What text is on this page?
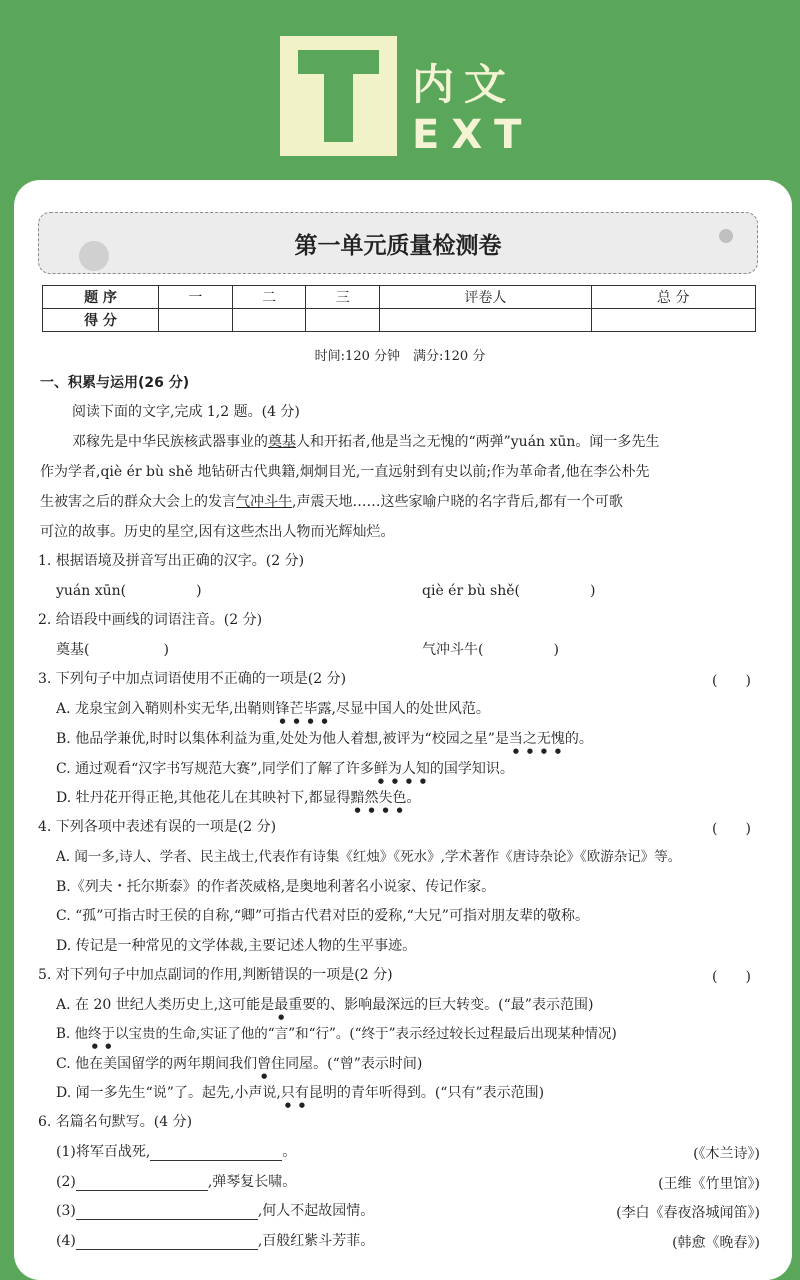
内文
EXT
第一单元质量检测卷
题 序	一	二	三	评卷人	总 分
得 分					
时间:120 分钟　满分:120 分
一、积累与运用(26 分)
阅读下面的文字,完成 1,2 题。(4 分)
邓稼先是中华民族核武器事业的奠基人和开拓者,他是当之无愧的“两弹”yuán xūn。闻一多先生
作为学者,qiè ér bù shě 地钻研古代典籍,炯炯目光,一直远射到有史以前;作为革命者,他在李公朴先
生被害之后的群众大会上的发言气冲斗牛,声震天地……这些家喻户晓的名字背后,都有一个可歌
可泣的故事。历史的星空,因有这些杰出人物而光辉灿烂。
1. 根据语境及拼音写出正确的汉字。(2 分)
yuán xūn(	)	qiè ér bù shě(	)
2. 给语段中画线的词语注音。(2 分)
奠基(	)	气冲斗牛(	)
3. 下列句子中加点词语使用不正确的一项是(2 分)	(　　)
A. 龙泉宝剑入鞘则朴实无华,出鞘则锋芒毕露,尽显中国人的处世风范。
B. 他品学兼优,时时以集体利益为重,处处为他人着想,被评为“校园之星”是当之无愧的。
C. 通过观看“汉字书写规范大赛”,同学们了解了许多鲜为人知的国学知识。
D. 牡丹花开得正艳,其他花儿在其映衬下,都显得黯然失色。
4. 下列各项中表述有误的一项是(2 分)	(　　)
A. 闻一多,诗人、学者、民主战士,代表作有诗集《红烛》《死水》,学术著作《唐诗杂论》《欧游杂记》等。
B.《列夫・托尔斯泰》的作者茨威格,是奥地利著名小说家、传记作家。
C. “孤”可指古时王侯的自称,“卿”可指古代君对臣的爱称,“大兄”可指对朋友辈的敬称。
D. 传记是一种常见的文学体裁,主要记述人物的生平事迹。
5. 对下列句子中加点副词的作用,判断错误的一项是(2 分)	(　　)
A. 在 20 世纪人类历史上,这可能是最重要的、影响最深远的巨大转变。(“最”表示范围)
B. 他终于以宝贵的生命,实证了他的“言”和“行”。(“终于”表示经过较长过程最后出现某种情况)
C. 他在美国留学的两年期间我们曾住同屋。(“曾”表示时间)
D. 闻一多先生“说”了。起先,小声说,只有昆明的青年听得到。(“只有”表示范围)
6. 名篇名句默写。(4 分)
(1)将军百战死,	。	(《木兰诗》)
(2)	,弹琴复长啸。	(王维《竹里馆》)
(3)	,何人不起故园情。	(李白《春夜洛城闻笛》)
(4)	,百般红紫斗芳菲。	(韩愈《晚春》)
